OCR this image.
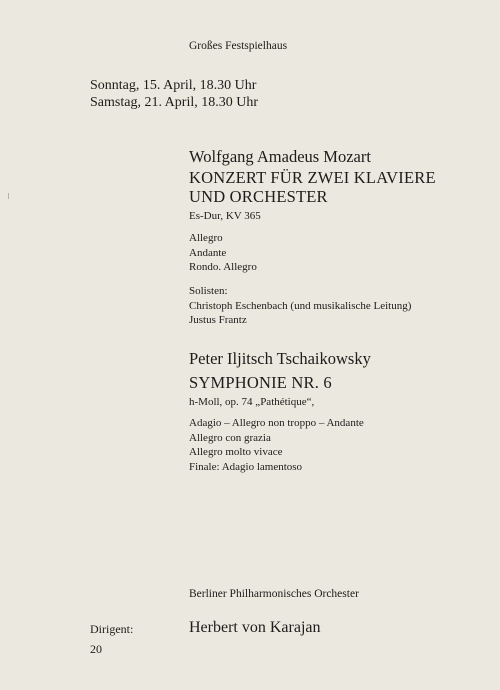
Großes Festspielhaus
Sonntag, 15. April, 18.30 Uhr
Samstag, 21. April, 18.30 Uhr
Wolfgang Amadeus Mozart
KONZERT FÜR ZWEI KLAVIERE
UND ORCHESTER
Es-Dur, KV 365
Allegro
Andante
Rondo. Allegro
Solisten:
Christoph Eschenbach (und musikalische Leitung)
Justus Frantz
Peter Iljitsch Tschaikowsky
SYMPHONIE NR. 6
h-Moll, op. 74 „Pathétique“,
Adagio – Allegro non troppo – Andante
Allegro con grazia
Allegro molto vivace
Finale: Adagio lamentoso
Berliner Philharmonisches Orchester
Dirigent:	Herbert von Karajan
20
